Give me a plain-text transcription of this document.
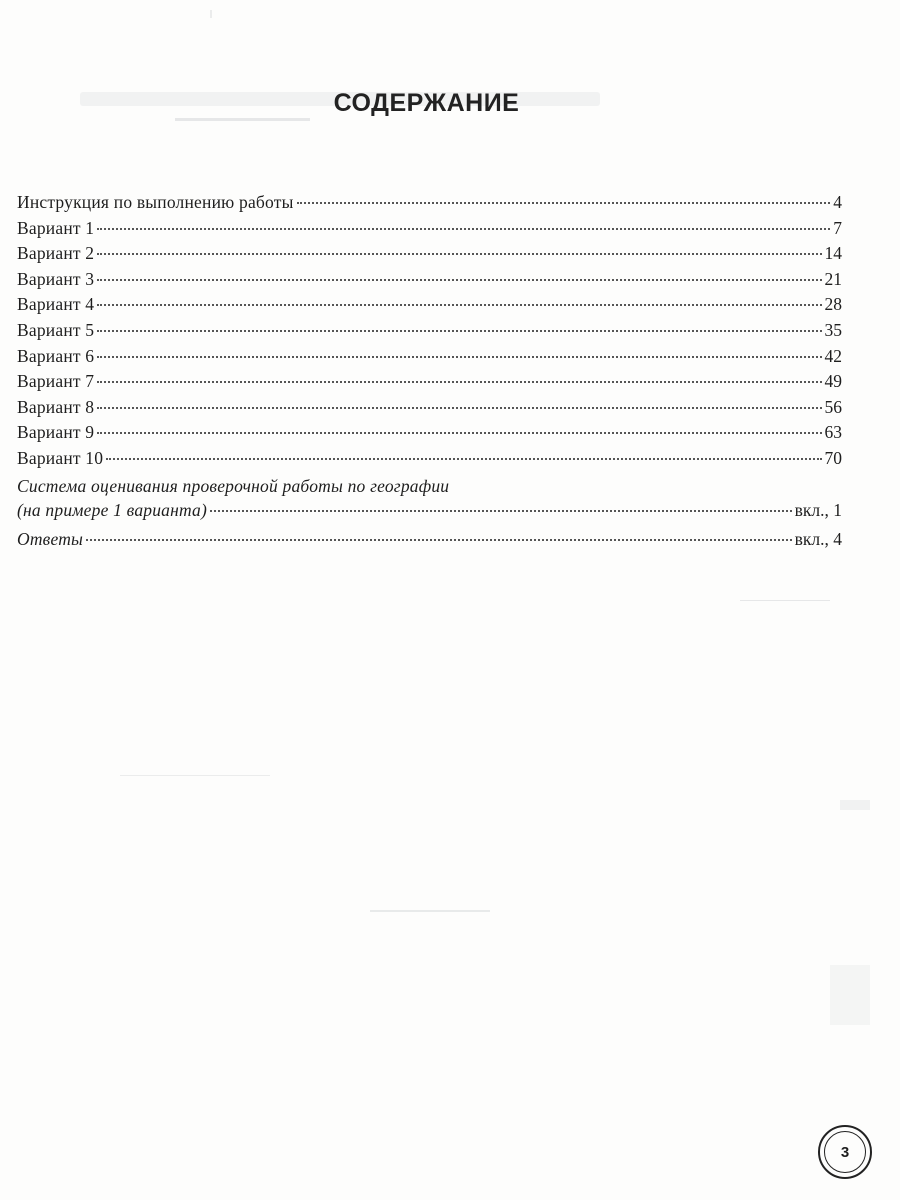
СОДЕРЖАНИЕ
Инструкция по выполнению работы	4
Вариант 1	7
Вариант 2	14
Вариант 3	21
Вариант 4	28
Вариант 5	35
Вариант 6	42
Вариант 7	49
Вариант 8	56
Вариант 9	63
Вариант 10	70
Система оценивания проверочной работы по географии
(на примере 1 варианта)	вкл., 1
Ответы	вкл., 4
3
